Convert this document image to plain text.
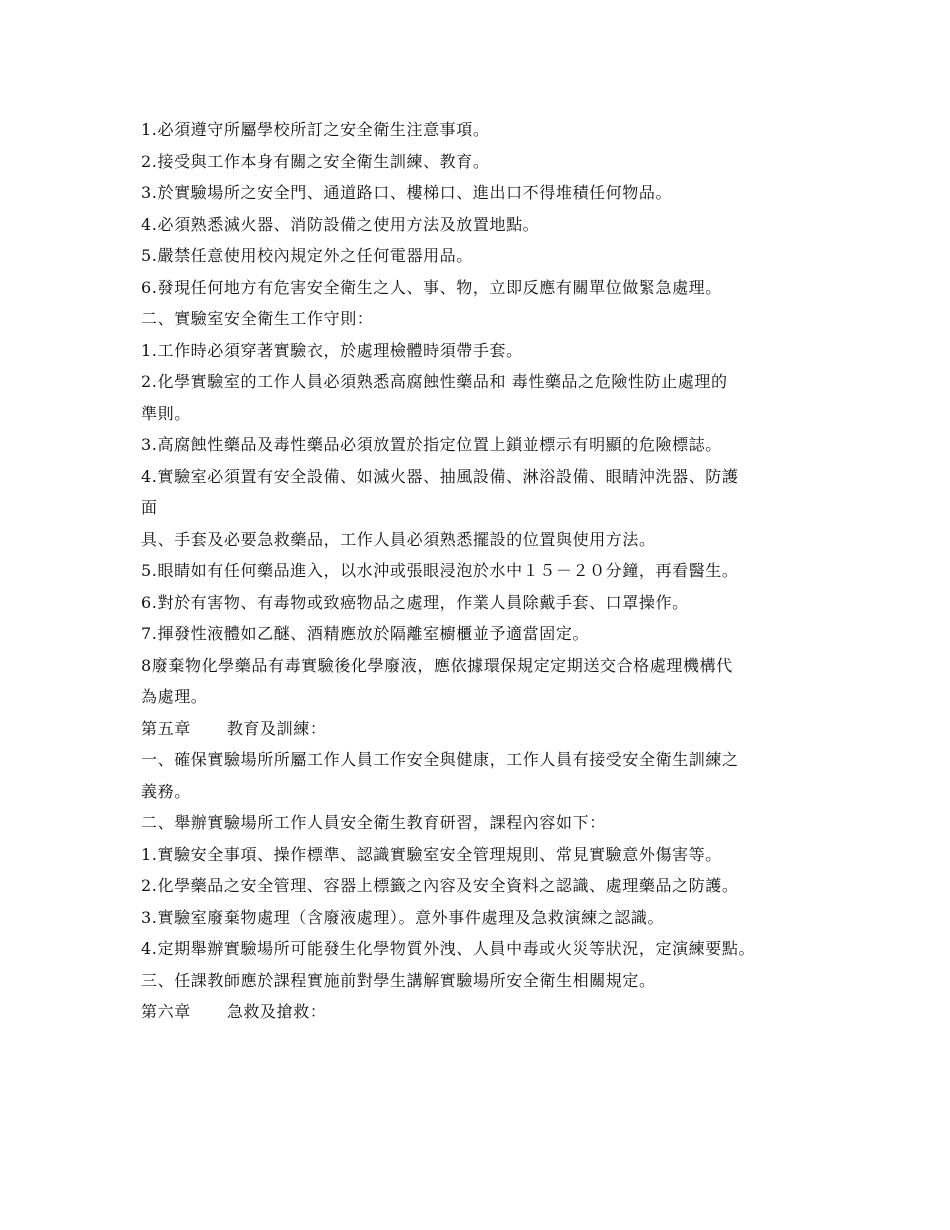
1.必須遵守所屬學校所訂之安全衛生注意事項。
2.接受與工作本身有關之安全衛生訓練、教育。
3.於實驗場所之安全門、通道路口、樓梯口、進出口不得堆積任何物品。
4.必須熟悉滅火器、消防設備之使用方法及放置地點。
5.嚴禁任意使用校內規定外之任何電器用品。
6.發現任何地方有危害安全衛生之人、事、物，立即反應有關單位做緊急處理。
二、實驗室安全衛生工作守則：
1.工作時必須穿著實驗衣，於處理檢體時須帶手套。
2.化學實驗室的工作人員必須熟悉高腐蝕性藥品和 毒性藥品之危險性防止處理的
準則。
3.高腐蝕性藥品及毒性藥品必須放置於指定位置上鎖並標示有明顯的危險標誌。
4.實驗室必須置有安全設備、如滅火器、抽風設備、淋浴設備、眼睛沖洗器、防護
面
具、手套及必要急救藥品，工作人員必須熟悉擺設的位置與使用方法。
5.眼睛如有任何藥品進入，以水沖或張眼浸泡於水中１５－２０分鐘，再看醫生。
6.對於有害物、有毒物或致癌物品之處理，作業人員除戴手套、口罩操作。
7.揮發性液體如乙醚、酒精應放於隔離室櫥櫃並予適當固定。
8廢棄物化學藥品有毒實驗後化學廢液，應依據環保規定定期送交合格處理機構代
為處理。
第五章 教育及訓練：
一、確保實驗場所所屬工作人員工作安全與健康，工作人員有接受安全衛生訓練之
義務。
二、舉辦實驗場所工作人員安全衛生教育研習，課程內容如下：
1.實驗安全事項、操作標準、認識實驗室安全管理規則、常見實驗意外傷害等。
2.化學藥品之安全管理、容器上標籤之內容及安全資料之認識、處理藥品之防護。
3.實驗室廢棄物處理（含廢液處理）。意外事件處理及急救演練之認識。
4.定期舉辦實驗場所可能發生化學物質外洩、人員中毒或火災等狀況，定演練要點。
三、任課教師應於課程實施前對學生講解實驗場所安全衛生相關規定。
第六章 急救及搶救：
